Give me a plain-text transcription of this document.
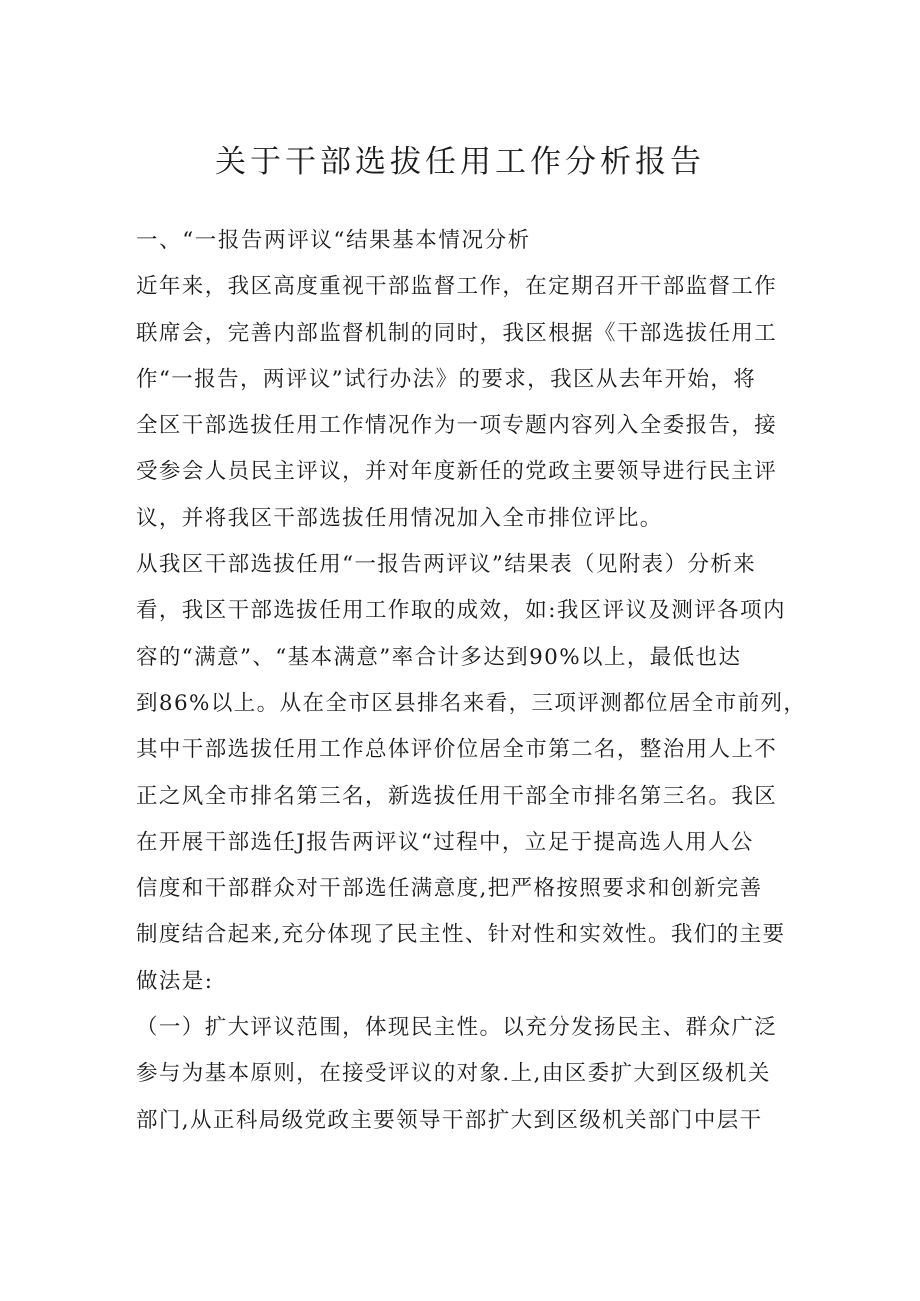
关于干部选拔任用工作分析报告

一、“一报告两评议“结果基本情况分析

近年来，我区高度重视干部监督工作，在定期召开干部监督工作

联席会，完善内部监督机制的同时，我区根据《干部选拔任用工

作“一报告，两评议”试行办法》的要求，我区从去年开始，将

全区干部选拔任用工作情况作为一项专题内容列入全委报告，接

受参会人员民主评议，并对年度新任的党政主要领导进行民主评

议，并将我区干部选拔任用情况加入全市排位评比。

从我区干部选拔任用“一报告两评议”结果表（见附表）分析来

看，我区干部选拔任用工作取的成效，如:我区评议及测评各项内

容的“满意”、“基本满意”率合计多达到90%以上，最低也达

到86%以上。从在全市区县排名来看，三项评测都位居全市前列，

其中干部选拔任用工作总体评价位居全市第二名，整治用人上不

正之风全市排名第三名，新选拔任用干部全市排名第三名。我区

在开展干部选任J报告两评议“过程中，立足于提高选人用人公

信度和干部群众对干部选任满意度,把严格按照要求和创新完善

制度结合起来,充分体现了民主性、针对性和实效性。我们的主要

做法是:

（一）扩大评议范围，体现民主性。以充分发扬民主、群众广泛

参与为基本原则，在接受评议的对象.上,由区委扩大到区级机关

部门,从正科局级党政主要领导干部扩大到区级机关部门中层干
